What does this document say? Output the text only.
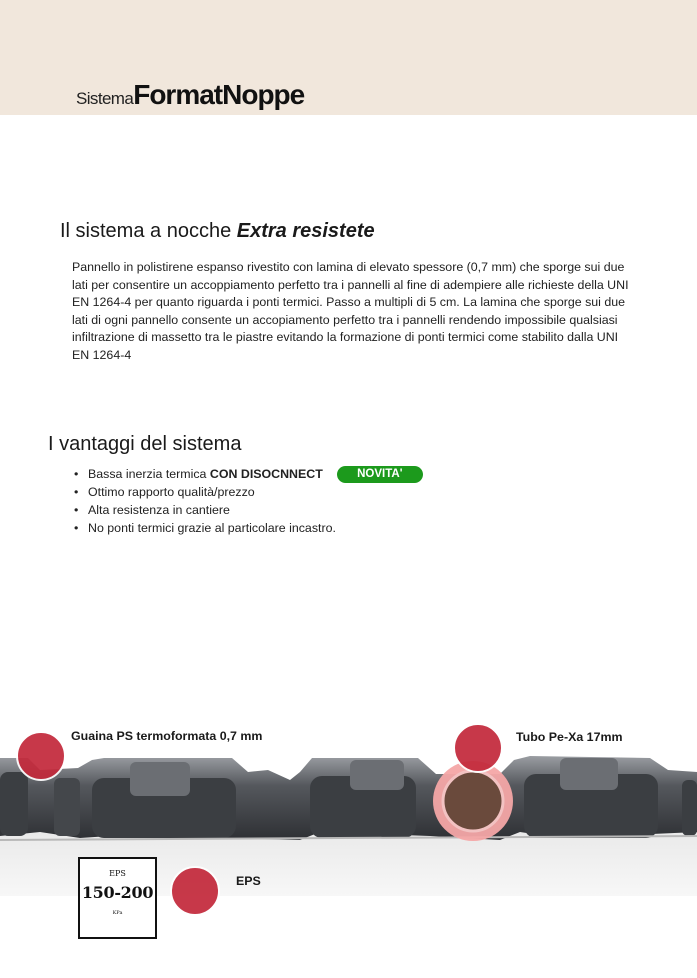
SistemaFormatNoppe
Il sistema a nocche Extra resistete

Pannello in polistirene espanso rivestito con lamina di elevato spessore (0,7 mm) che sporge sui due lati per consentire un accoppiamento perfetto tra i pannelli al fine di adempiere alle richieste della UNI EN 1264-4 per quanto riguarda i ponti termici. Passo a multipli di 5 cm. La lamina che sporge sui due lati di ogni pannello consente un accopiamento perfetto tra i pannelli rendendo impossibile qualsiasi infiltrazione di massetto tra le piastre evitando la formazione di ponti termici come stabilito dalla UNI EN 1264-4

I vantaggi del sistema
• Bassa inerzia termica CON DISOCNNECT	NOVITA'
• Ottimo rapporto qualità/prezzo
• Alta resistenza in cantiere
• No ponti termici grazie al particolare incastro.
Guaina PS termoformata 0,7 mm	Tubo Pe-Xa 17mm
EPS
EPS
150-200
KPa
